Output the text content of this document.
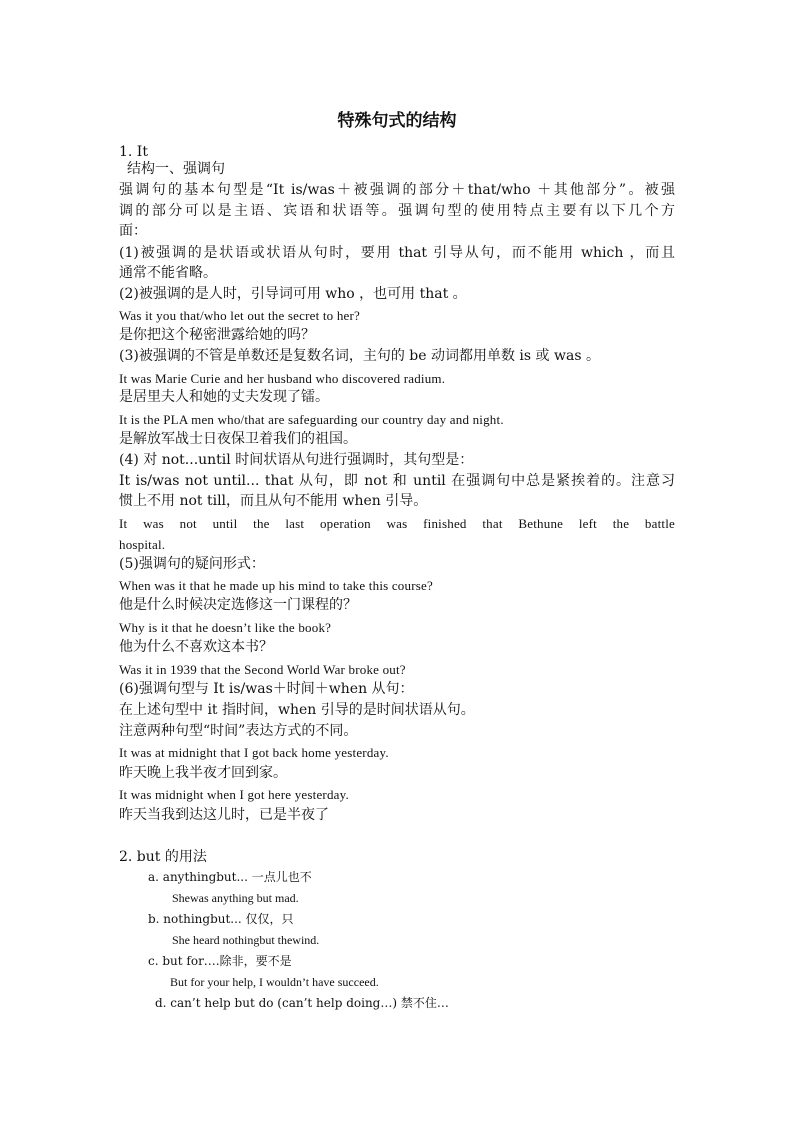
特殊句式的结构
1. It
结构一、强调句
强调句的基本句型是“It is/was＋被强调的部分＋that/who ＋其他部分”。被强
调的部分可以是主语、宾语和状语等。强调句型的使用特点主要有以下几个方
面：
(1)被强调的是状语或状语从句时，要用 that 引导从句，而不能用 which ，而且
通常不能省略。
(2)被强调的是人时，引导词可用 who ，也可用 that 。
Was it you that/who let out the secret to her?
是你把这个秘密泄露给她的吗？
(3)被强调的不管是单数还是复数名词，主句的 be 动词都用单数 is 或 was 。
It was Marie Curie and her husband who discovered radium.
是居里夫人和她的丈夫发现了镭。
It is the PLA men who/that are safeguarding our country day and night.
是解放军战士日夜保卫着我们的祖国。
(4) 对 not...until 时间状语从句进行强调时，其句型是：
It is/was not until... that 从句，即 not 和 until 在强调句中总是紧挨着的。注意习
惯上不用 not till，而且从句不能用 when 引导。
It was not until the last operation was finished that Bethune left the battle
hospital.
(5)强调句的疑问形式：
When was it that he made up his mind to take this course?
他是什么时候决定选修这一门课程的？
Why is it that he doesn’t like the book?
他为什么不喜欢这本书？
Was it in 1939 that the Second World War broke out?
(6)强调句型与 It is/was＋时间＋when 从句：
在上述句型中 it 指时间，when 引导的是时间状语从句。
注意两种句型“时间”表达方式的不同。
It was at midnight that I got back home yesterday.
昨天晚上我半夜才回到家。
It was midnight when I got here yesterday.
昨天当我到达这儿时，已是半夜了
2. but 的用法
a. anythingbut... 一点儿也不
Shewas anything but mad.
b. nothingbut... 仅仅，只
She heard nothingbut thewind.
c. but for….除非，要不是
But for your help, I wouldn’t have succeed.
d. can’t help but do (can’t help doing…) 禁不住…
